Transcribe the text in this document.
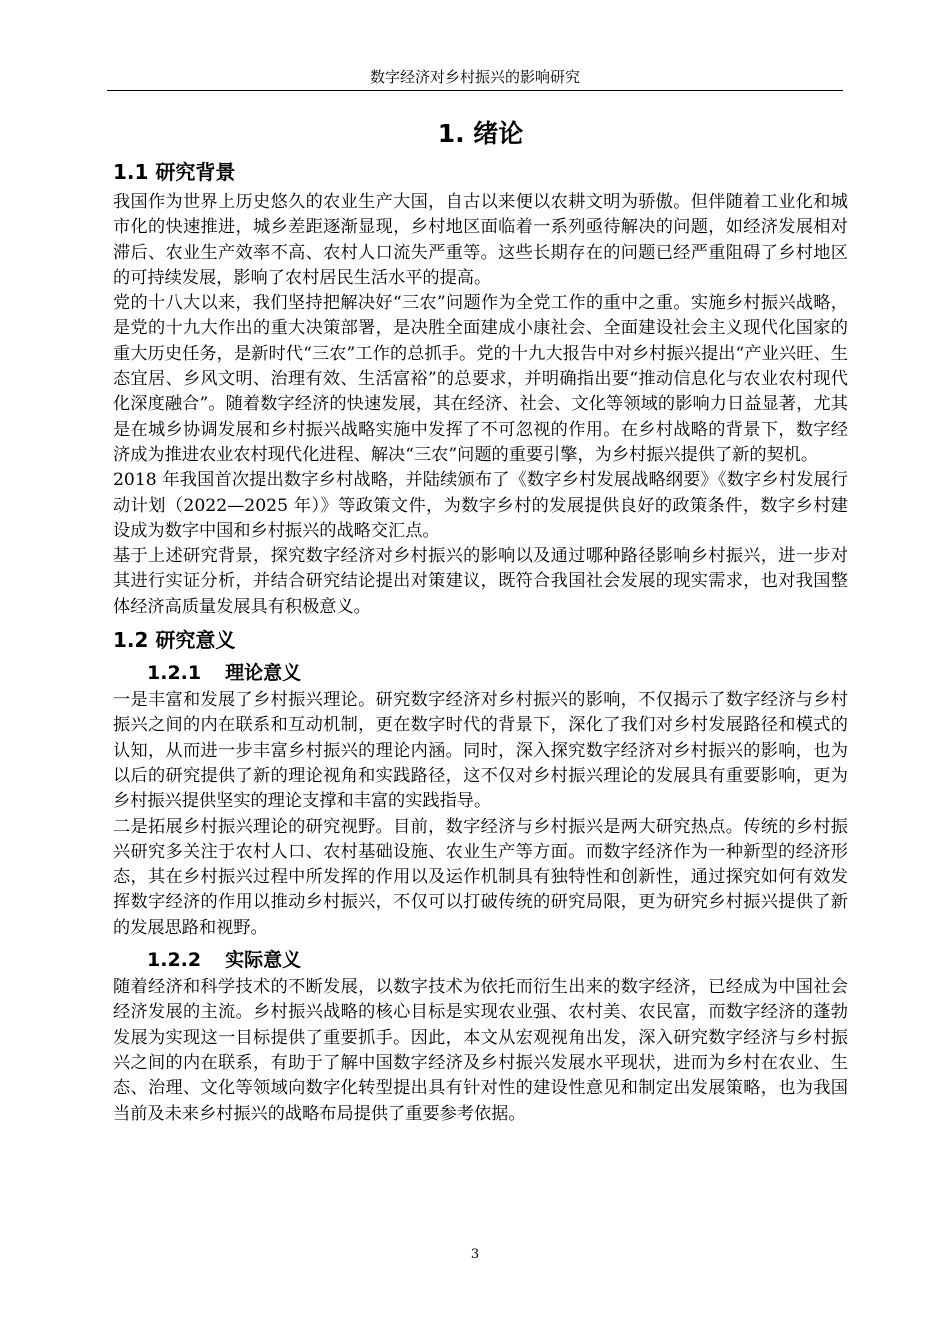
数字经济对乡村振兴的影响研究
1. 绪论
1.1 研究背景

我国作为世界上历史悠久的农业生产大国，自古以来便以农耕文明为骄傲。但伴随着工业化和城市化的快速推进，城乡差距逐渐显现，乡村地区面临着一系列亟待解决的问题，如经济发展相对滞后、农业生产效率不高、农村人口流失严重等。这些长期存在的问题已经严重阻碍了乡村地区的可持续发展，影响了农村居民生活水平的提高。

党的十八大以来，我们坚持把解决好“三农”问题作为全党工作的重中之重。实施乡村振兴战略，是党的十九大作出的重大决策部署，是决胜全面建成小康社会、全面建设社会主义现代化国家的重大历史任务，是新时代“三农”工作的总抓手。党的十九大报告中对乡村振兴提出“产业兴旺、生态宜居、乡风文明、治理有效、生活富裕”的总要求，并明确指出要“推动信息化与农业农村现代化深度融合”。随着数字经济的快速发展，其在经济、社会、文化等领域的影响力日益显著，尤其是在城乡协调发展和乡村振兴战略实施中发挥了不可忽视的作用。在乡村战略的背景下，数字经济成为推进农业农村现代化进程、解决“三农”问题的重要引擎，为乡村振兴提供了新的契机。

2018 年我国首次提出数字乡村战略，并陆续颁布了《数字乡村发展战略纲要》《数字乡村发展行动计划（2022—2025 年）》等政策文件，为数字乡村的发展提供良好的政策条件，数字乡村建设成为数字中国和乡村振兴的战略交汇点。

基于上述研究背景，探究数字经济对乡村振兴的影响以及通过哪种路径影响乡村振兴，进一步对其进行实证分析，并结合研究结论提出对策建议，既符合我国社会发展的现实需求，也对我国整体经济高质量发展具有积极意义。

1.2 研究意义
1.2.1 理论意义

一是丰富和发展了乡村振兴理论。研究数字经济对乡村振兴的影响，不仅揭示了数字经济与乡村振兴之间的内在联系和互动机制，更在数字时代的背景下，深化了我们对乡村发展路径和模式的认知，从而进一步丰富乡村振兴的理论内涵。同时，深入探究数字经济对乡村振兴的影响，也为以后的研究提供了新的理论视角和实践路径，这不仅对乡村振兴理论的发展具有重要影响，更为乡村振兴提供坚实的理论支撑和丰富的实践指导。

二是拓展乡村振兴理论的研究视野。目前，数字经济与乡村振兴是两大研究热点。传统的乡村振兴研究多关注于农村人口、农村基础设施、农业生产等方面。而数字经济作为一种新型的经济形态，其在乡村振兴过程中所发挥的作用以及运作机制具有独特性和创新性，通过探究如何有效发挥数字经济的作用以推动乡村振兴，不仅可以打破传统的研究局限，更为研究乡村振兴提供了新的发展思路和视野。

1.2.2 实际意义

随着经济和科学技术的不断发展，以数字技术为依托而衍生出来的数字经济，已经成为中国社会经济发展的主流。乡村振兴战略的核心目标是实现农业强、农村美、农民富，而数字经济的蓬勃发展为实现这一目标提供了重要抓手。因此，本文从宏观视角出发，深入研究数字经济与乡村振兴之间的内在联系，有助于了解中国数字经济及乡村振兴发展水平现状，进而为乡村在农业、生态、治理、文化等领域向数字化转型提出具有针对性的建设性意见和制定出发展策略，也为我国当前及未来乡村振兴的战略布局提供了重要参考依据。

3
